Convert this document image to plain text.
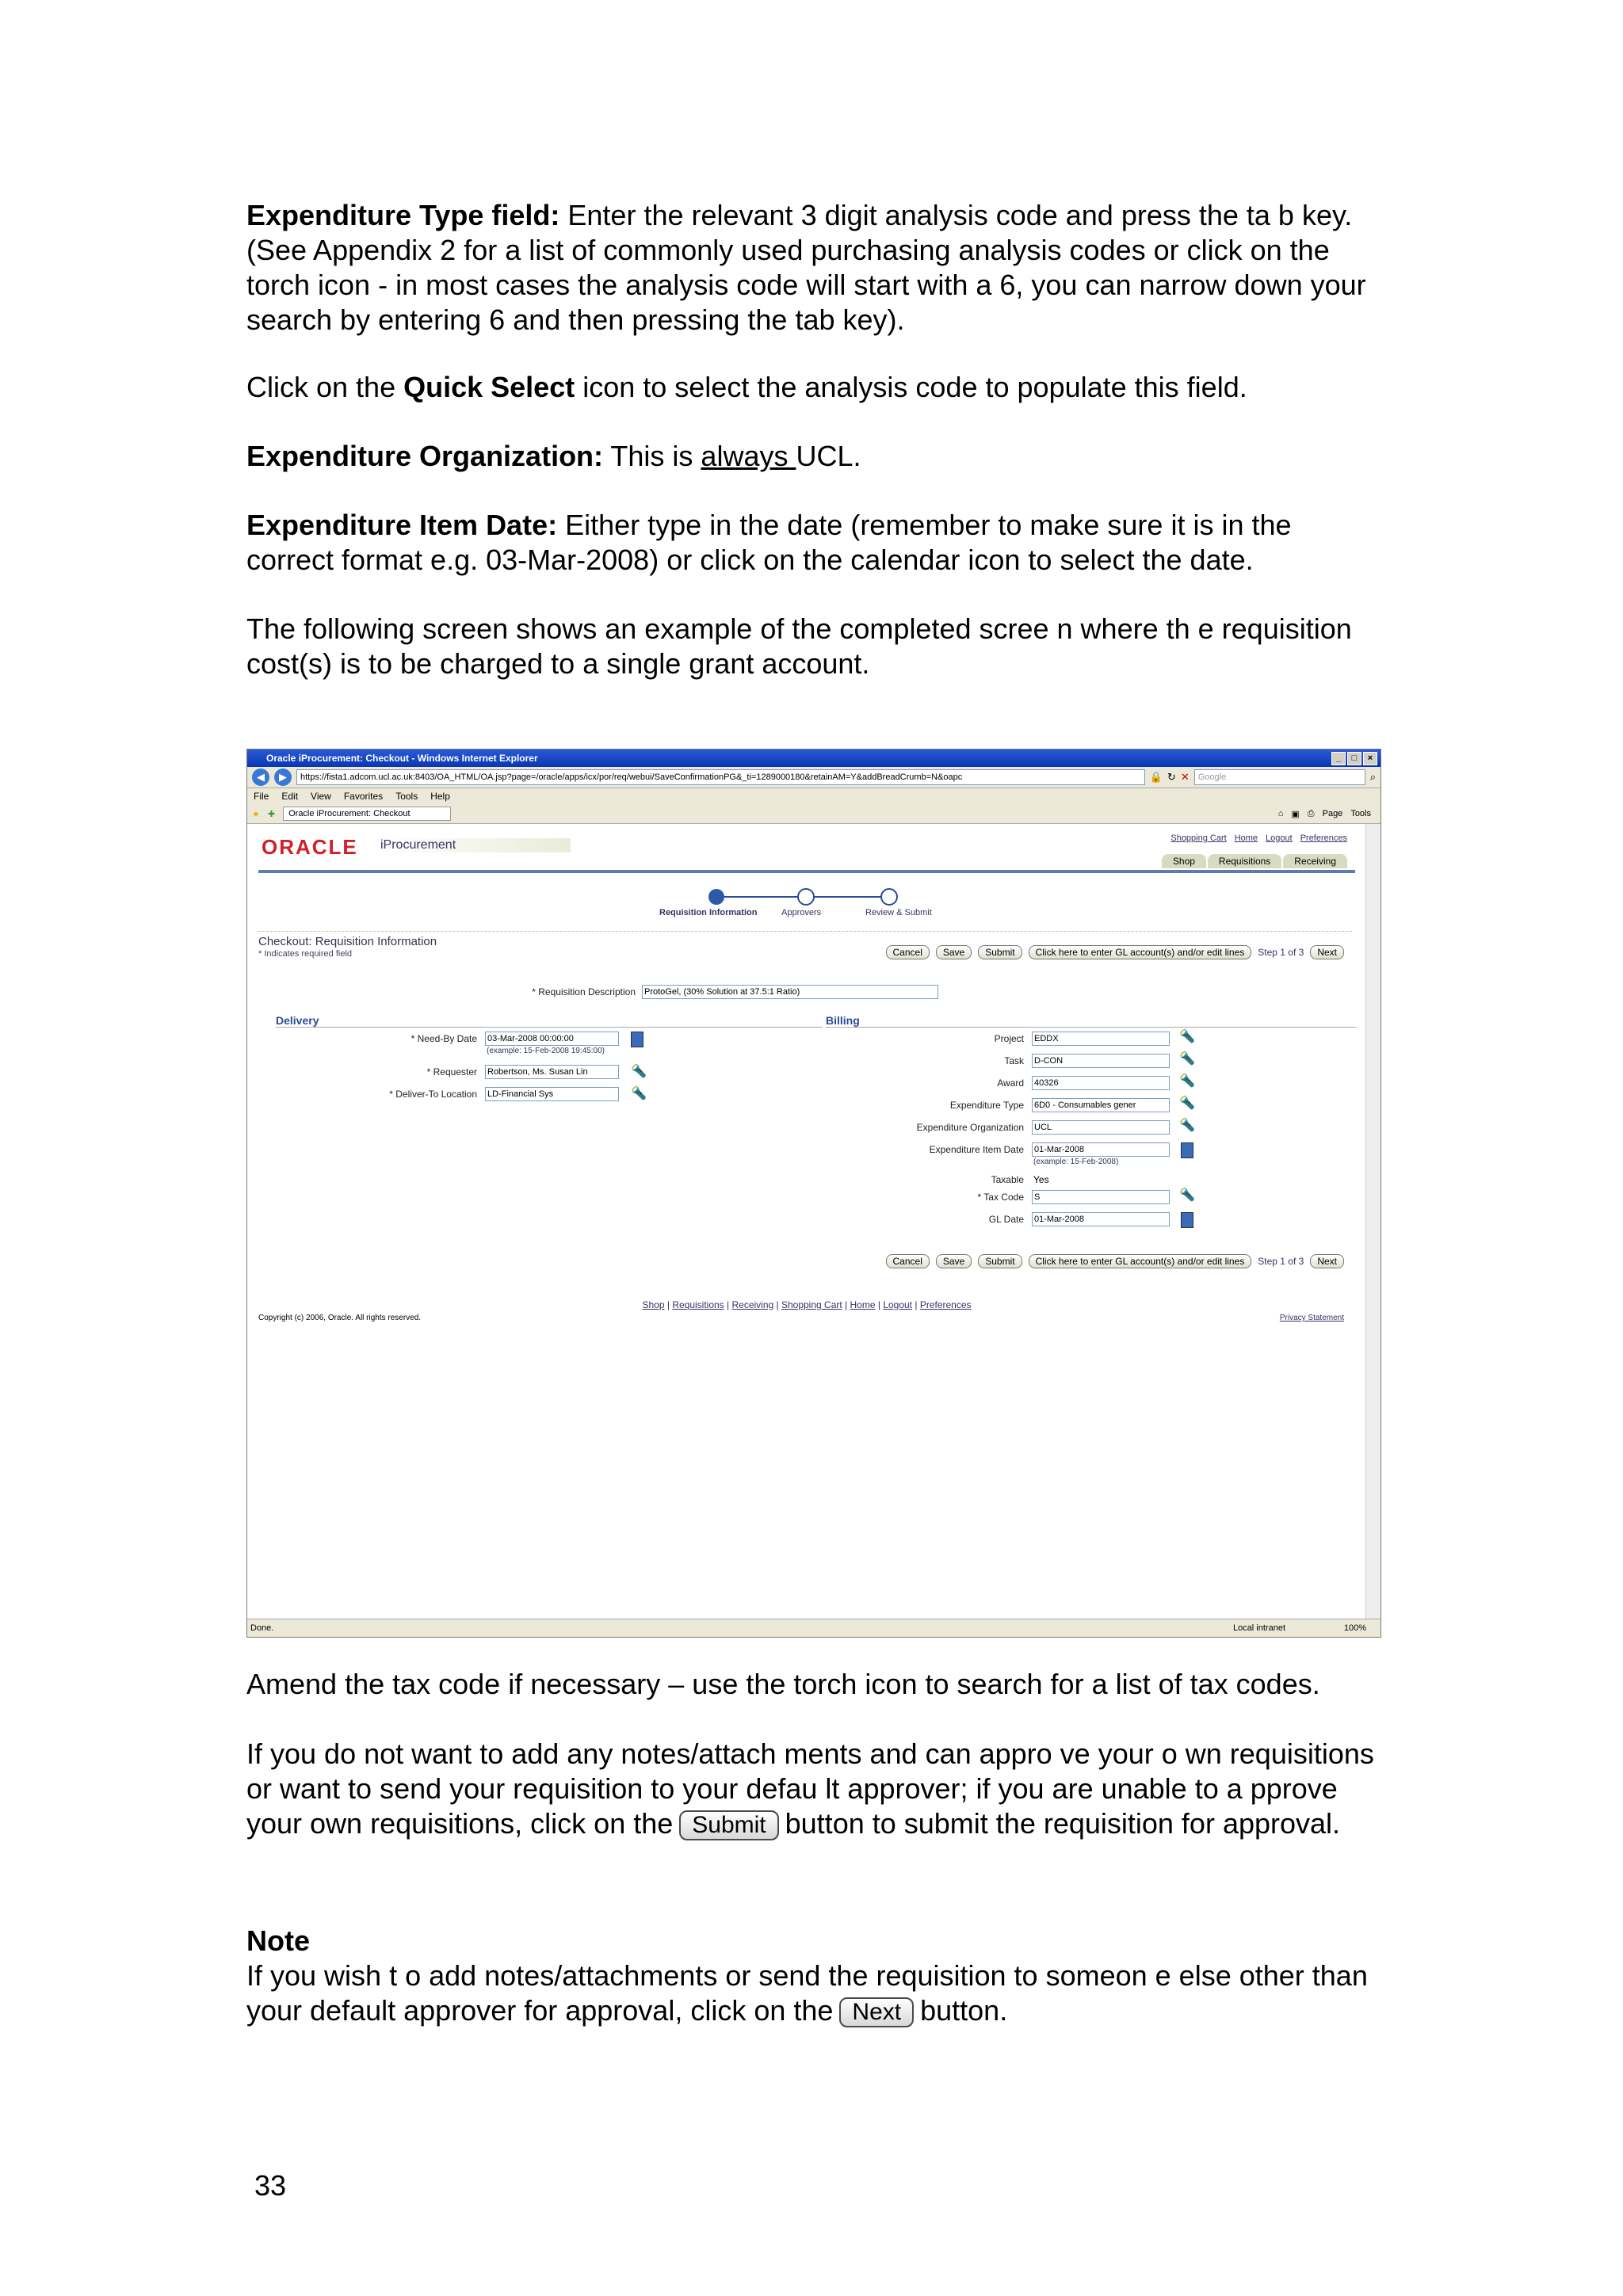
Expenditure Type field: Enter the relevant 3 digit analysis code and press the ta b key. (See Appendix 2 for a list of commonly used purchasing analysis codes or click on the torch icon - in most cases the analysis code will start with a 6, you can narrow down your search by entering 6 and then pressing the tab key).

Click on the Quick Select icon to select the analysis code to populate this field.

Expenditure Organization: This is always UCL.

Expenditure Item Date: Either type in the date (remember to make sure it is in the correct format e.g. 03-Mar-2008) or click on the calendar icon to select the date.

The following screen shows an example of the completed scree n where th e requisition cost(s) is to be charged to a single grant account.

Oracle iProcurement: Checkout - Windows Internet Explorer	_	□	×
◀	▶	https://fista1.adcom.ucl.ac.uk:8403/OA_HTML/OA.jsp?page=/oracle/apps/icx/por/req/webui/SaveConfirmationPG&_ti=1289000180&retainAM=Y&addBreadCrumb=N&oapc	🔒 ↻ ✕	Google	⌕
File Edit View Favorites Tools Help
★ ✚	Oracle iProcurement: Checkout	⌂ ▣ ⎙ Page Tools
ORACLE iProcurement	Shopping Cart Home Logout Preferences
Shop	Requisitions	Receiving
Requisition Information	Approvers	Review & Submit
Checkout: Requisition Information
* Indicates required field	Cancel	Save	Submit	Click here to enter GL account(s) and/or edit lines	Step 1 of 3	Next
* Requisition Description ProtoGel, (30% Solution at 37.5:1 Ratio)
Delivery	Billing
* Need-By Date 03-Mar-2008 00:00:00
(example: 15-Feb-2008 19:45:00)
* Requester Robertson, Ms. Susan Lin	🔦
* Deliver-To Location LD-Financial Sys	🔦
Project EDDX	🔦
Task D-CON	🔦
Award 40326	🔦
Expenditure Type 6D0 - Consumables gener	🔦
Expenditure Organization UCL	🔦
Expenditure Item Date 01-Mar-2008
(example: 15-Feb-2008)
Taxable Yes
* Tax Code S	🔦
GL Date 01-Mar-2008
Cancel	Save	Submit	Click here to enter GL account(s) and/or edit lines	Step 1 of 3	Next
Shop | Requisitions | Receiving | Shopping Cart | Home | Logout | Preferences
Copyright (c) 2006, Oracle. All rights reserved.	Privacy Statement
Done.	Local intranet	100%

Amend the tax code if necessary – use the torch icon to search for a list of tax codes.

If you do not want to add any notes/attach ments and can appro ve your o wn requisitions or want to send your requisition to your defau lt approver; if you are unable to a pprove your own requisitions, click on the Submit button to submit the requisition for approval.

Note

If you wish t o add notes/attachments or send the requisition to someon e else other than your default approver for approval, click on the Next button.

33
